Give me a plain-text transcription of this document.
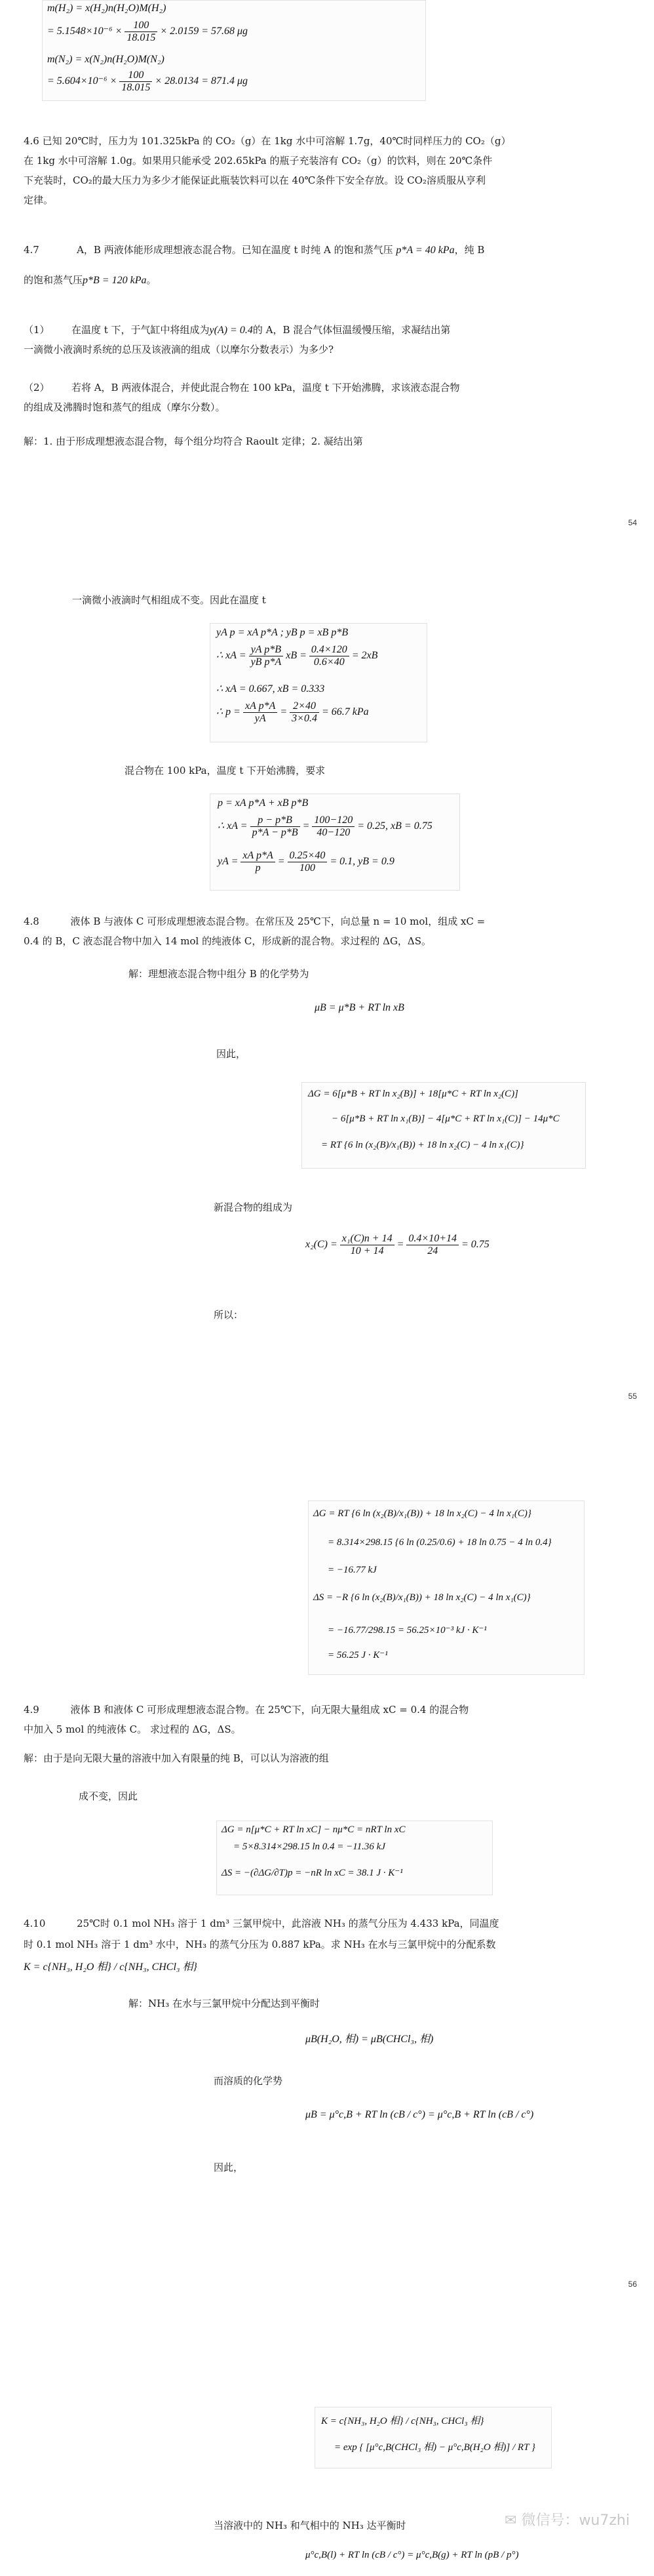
m(H₂) = x(H₂)n(H₂O)M(H₂)
= $5.1548\times 10^{-6} \times \frac{100}{18.015} \times 2.0159 = 57.68$ μg
m(N₂) = x(N₂)n(H₂O)M(N₂)
= $5.604\times 10^{-6} \times \frac{100}{18.015} \times 28.0134 = 871.4$ μg

4.6 已知 20℃时，压力为 101.325kPa 的 CO₂（g）在 1kg 水中可溶解 1.7g，40℃时同样压力的 CO₂（g）

在 1kg 水中可溶解 1.0g。如果用只能承受 202.65kPa 的瓶子充装溶有 CO₂（g）的饮料，则在 20℃条件

下充装时，CO₂的最大压力为多少才能保证此瓶装饮料可以在 40℃条件下安全存放。设 CO₂溶质服从亨利

定律。

4.7	A，B 两液体能形成理想液态混合物。已知在温度 t 时纯 A 的饱和蒸气压 p*A = 40 kPa，纯 B

的饱和蒸气压p*B = 120 kPa。

（1） 在温度 t 下，于气缸中将组成为y(A) = 0.4的 A，B 混合气体恒温缓慢压缩，求凝结出第

一滴微小液滴时系统的总压及该液滴的组成（以摩尔分数表示）为多少?

（2） 若将 A，B 两液体混合，并使此混合物在 100 kPa，温度 t 下开始沸腾，求该液态混合物

的组成及沸腾时饱和蒸气的组成（摩尔分数）。

解：1. 由于形成理想液态混合物，每个组分均符合 Raoult 定律；2. 凝结出第

54

一滴微小液滴时气相组成不变。因此在温度 t

yA p = xA p*A ; yB p = xB p*B
∴ xA = $\frac{\text{yA p*B}}{\text{yB p*A}}$ xB = $\frac{0.4\times 120}{0.6\times 40} = 2xB$
∴ xA = 0.667, xB = 0.333
∴ $p = \frac{\text{xA p*A}}{yA} = \frac{2\times 40}{3\times 0.4} = 66.7$ kPa

混合物在 100 kPa，温度 t 下开始沸腾，要求

p = xA p*A + xB p*B
∴ xA = $\frac{p - p*B}{p*A - p*B} = \frac{100-120}{40-120} = 0.25$, xB = 0.75
yA = $\frac{\text{xA p*A}}{p} = \frac{0.25\times 40}{100} = 0.1$, yB = 0.9

4.8	液体 B 与液体 C 可形成理想液态混合物。在常压及 25℃下，向总量 n = 10 mol，组成 xC =

0.4 的 B，C 液态混合物中加入 14 mol 的纯液体 C，形成新的混合物。求过程的 ΔG，ΔS。

解：理想液态混合物中组分 B 的化学势为

μB = μ*B + RT ln xB

因此，

ΔG = 6[μ*B + RT ln x₂(B)] + 18[μ*C + RT ln x₂(C)]
− 6[μ*B + RT ln x₁(B)] − 4[μ*C + RT ln x₁(C)] − 14μ*C
= RT {6 ln (x₂(B)/x₁(B)) + 18 ln x₂(C) − 4 ln x₁(C)}

新混合物的组成为

$x_2(C) = \frac{\text{x₁(C)n + 14}}{10 + 14} = \frac{0.4\times 10+14}{24} = 0.75$

所以：

55
ΔG = RT {6 ln (x₂(B)/x₁(B)) + 18 ln x₂(C) − 4 ln x₁(C)}
= 8.314×298.15 {6 ln (0.25/0.6) + 18 ln 0.75 − 4 ln 0.4}
= −16.77 kJ
ΔS = −R {6 ln (x₂(B)/x₁(B)) + 18 ln x₂(C) − 4 ln x₁(C)}
= −16.77/298.15 = 56.25×10⁻³ kJ · K⁻¹
= 56.25 J · K⁻¹

4.9	液体 B 和液体 C 可形成理想液态混合物。在 25℃下，向无限大量组成 xC = 0.4 的混合物

中加入 5 mol 的纯液体 C。 求过程的 ΔG，ΔS。

解：由于是向无限大量的溶液中加入有限量的纯 B，可以认为溶液的组

成不变，因此

ΔG = n[μ*C + RT ln xC] − nμ*C = nRT ln xC
= 5×8.314×298.15 ln 0.4 = −11.36 kJ
ΔS = −(∂ΔG/∂T)p = −nR ln xC = 38.1 J · K⁻¹

4.10	25℃时 0.1 mol NH₃ 溶于 1 dm³ 三氯甲烷中，此溶液 NH₃ 的蒸气分压为 4.433 kPa，同温度

时 0.1 mol NH₃ 溶于 1 dm³ 水中，NH₃ 的蒸气分压为 0.887 kPa。求 NH₃ 在水与三氯甲烷中的分配系数

K = c{NH₃, H₂O 相} / c{NH₃, CHCl₃ 相}

解：NH₃ 在水与三氯甲烷中分配达到平衡时

μB(H₂O, 相) = μB(CHCl₃, 相)

而溶质的化学势

μB = μ°c,B + RT ln (cB / c°) = μ°c,B + RT ln (cB / c°)

因此，

56
K = c{NH₃, H₂O 相} / c{NH₃, CHCl₃ 相}
= exp { [μ°c,B(CHCl₃ 相) − μ°c,B(H₂O 相)] / RT }

当溶液中的 NH₃ 和气相中的 NH₃ 达平衡时

μ°c,B(l) + RT ln (cB / c°) = μ°c,B(g) + RT ln (pB / p°)
✉ 微信号：wu7zhi
